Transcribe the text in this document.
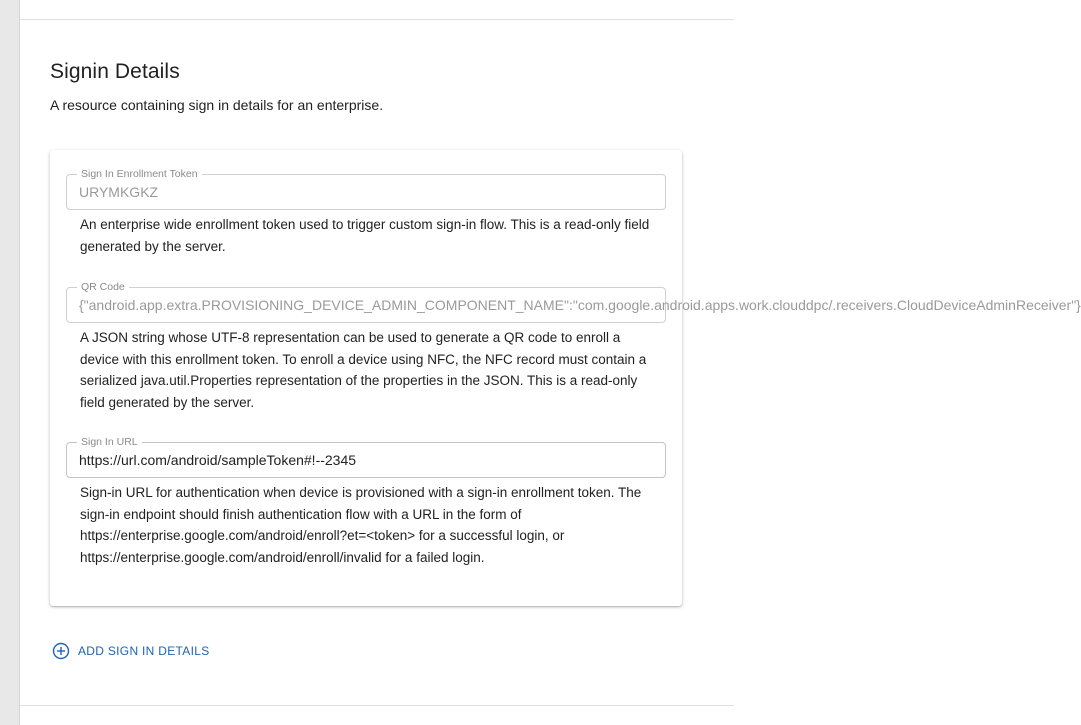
Signin Details

A resource containing sign in details for an enterprise.

Sign In Enrollment Token
URYMKGKZ

An enterprise wide enrollment token used to trigger custom sign-in flow. This is a read-only field generated by the server.

QR Code
{"android.app.extra.PROVISIONING_DEVICE_ADMIN_COMPONENT_NAME":"com.google.android.apps.work.clouddpc/.receivers.CloudDeviceAdminReceiver"}

A JSON string whose UTF-8 representation can be used to generate a QR code to enroll a device with this enrollment token. To enroll a device using NFC, the NFC record must contain a serialized java.util.Properties representation of the properties in the JSON. This is a read-only field generated by the server.

Sign In URL
https://url.com/android/sampleToken#!--2345

Sign-in URL for authentication when device is provisioned with a sign-in enrollment token. The sign-in endpoint should finish authentication flow with a URL in the form of https://enterprise.google.com/android/enroll?et=<token> for a successful login, or https://enterprise.google.com/android/enroll/invalid for a failed login.

ADD SIGN IN DETAILS
